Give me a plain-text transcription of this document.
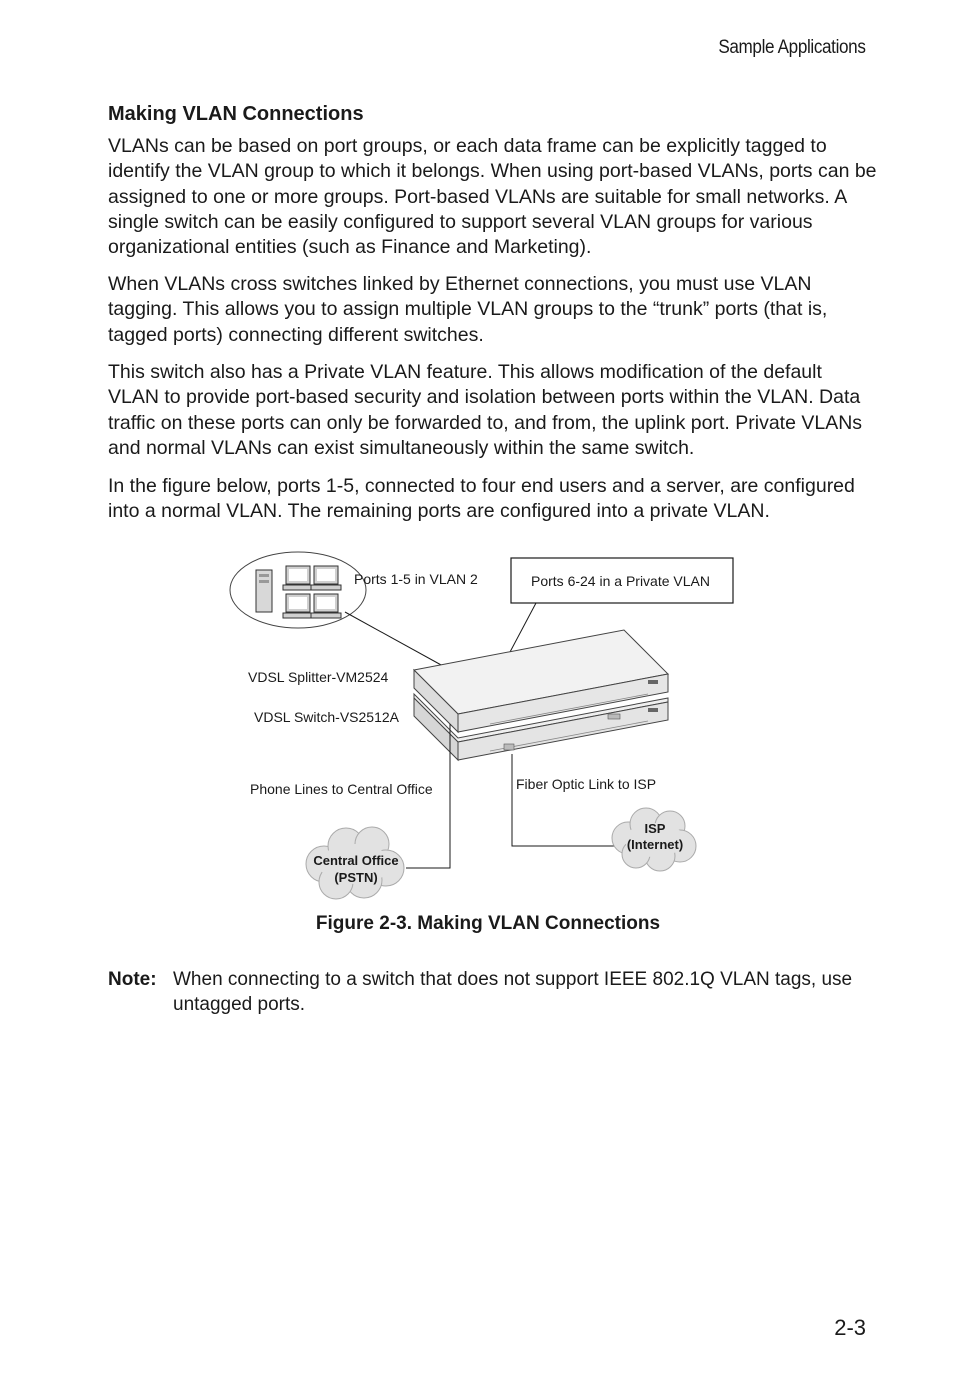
Sample Applications
Making VLAN Connections

VLANs can be based on port groups, or each data frame can be explicitly tagged to identify the VLAN group to which it belongs. When using port-based VLANs, ports can be assigned to one or more groups. Port-based VLANs are suitable for small networks. A single switch can be easily configured to support several VLAN groups for various organizational entities (such as Finance and Marketing).

When VLANs cross switches linked by Ethernet connections, you must use VLAN tagging. This allows you to assign multiple VLAN groups to the “trunk” ports (that is, tagged ports) connecting different switches.

This switch also has a Private VLAN feature. This allows modification of the default VLAN to provide port-based security and isolation between ports within the VLAN. Data traffic on these ports can only be forwarded to, and from, the uplink port. Private VLANs and normal VLANs can exist simultaneously within the same switch.

In the figure below, ports 1-5, connected to four end users and a server, are configured into a normal VLAN. The remaining ports are configured into a private VLAN.

Ports 1-5 in VLAN 2	Ports 6-24 in a Private VLAN
VDSL Splitter-VM2524
VDSL Switch-VS2512A
Phone Lines to Central Office	Fiber Optic Link to ISP
Central Office
(PSTN)
ISP
(Internet)

Figure 2-3. Making VLAN Connections

Note: When connecting to a switch that does not support IEEE 802.1Q VLAN tags, use untagged ports.
2-3
